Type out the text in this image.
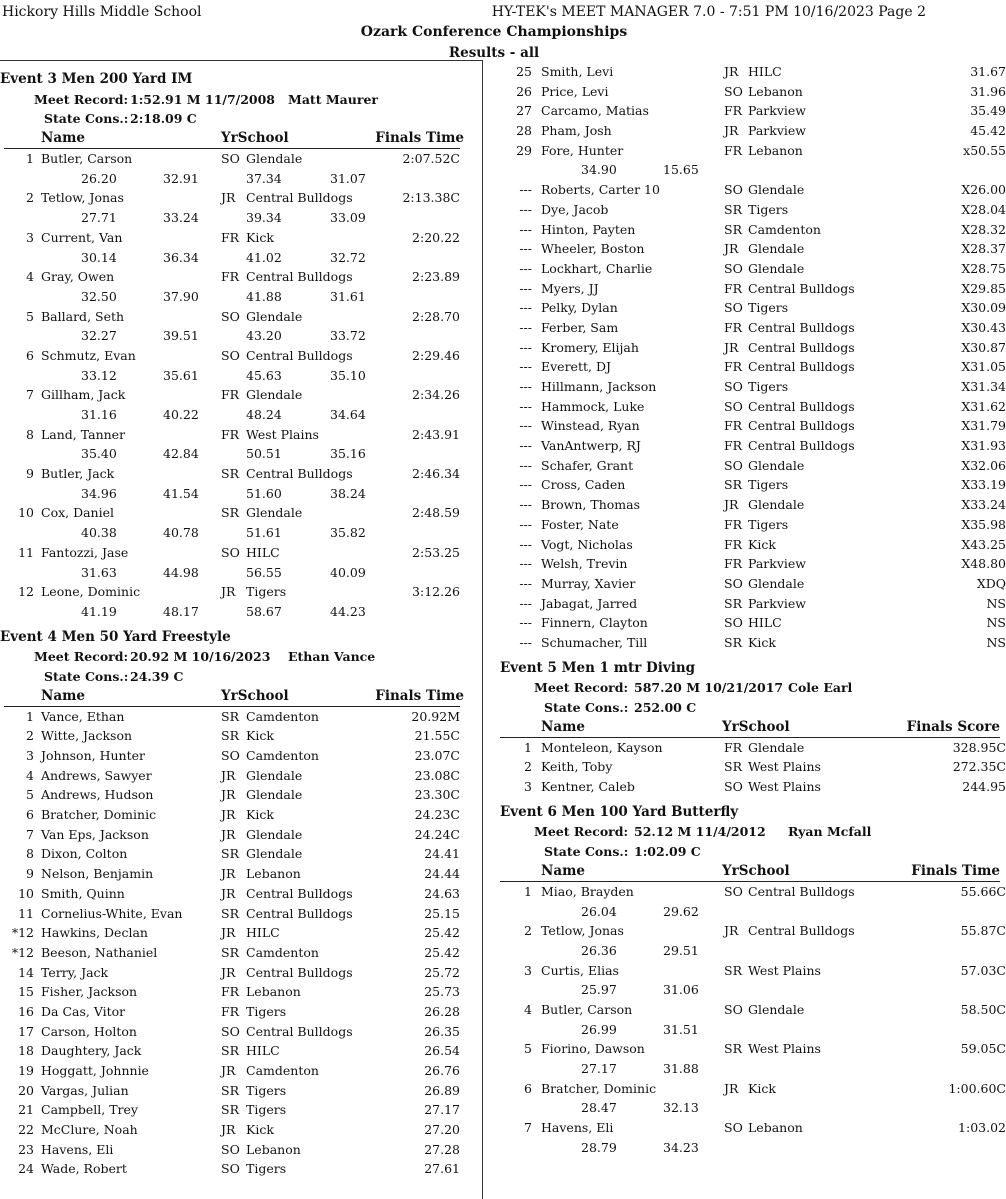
Hickory Hills Middle School	HY-TEK's MEET MANAGER 7.0 - 7:51 PM 10/16/2023 Page 2
Ozark Conference Championships
Results - all
Event 3 Men 200 Yard IM
Meet Record: 1:52.91 M 11/7/2008 Matt Maurer
State Cons.: 2:18.09 C
Name	YrSchool	Finals Time
1 Butler, Carson	SO Glendale	2:07.52C
26.20	32.91	37.34	31.07
2 Tetlow, Jonas	JR Central Bulldogs	2:13.38C
27.71	33.24	39.34	33.09
3 Current, Van	FR Kick	2:20.22
30.14	36.34	41.02	32.72
4 Gray, Owen	FR Central Bulldogs	2:23.89
32.50	37.90	41.88	31.61
5 Ballard, Seth	SO Glendale	2:28.70
32.27	39.51	43.20	33.72
6 Schmutz, Evan	SO Central Bulldogs	2:29.46
33.12	35.61	45.63	35.10
7 Gillham, Jack	FR Glendale	2:34.26
31.16	40.22	48.24	34.64
8 Land, Tanner	FR West Plains	2:43.91
35.40	42.84	50.51	35.16
9 Butler, Jack	SR Central Bulldogs	2:46.34
34.96	41.54	51.60	38.24
10 Cox, Daniel	SR Glendale	2:48.59
40.38	40.78	51.61	35.82
11 Fantozzi, Jase	SO HILC	2:53.25
31.63	44.98	56.55	40.09
12 Leone, Dominic	JR Tigers	3:12.26
41.19	48.17	58.67	44.23
Event 4 Men 50 Yard Freestyle
Meet Record: 20.92 M 10/16/2023 Ethan Vance
State Cons.: 24.39 C
Name	YrSchool	Finals Time
1 Vance, Ethan	SR Camdenton	20.92M
2 Witte, Jackson	SR Kick	21.55C
3 Johnson, Hunter	SO Camdenton	23.07C
4 Andrews, Sawyer	JR Glendale	23.08C
5 Andrews, Hudson	JR Glendale	23.30C
6 Bratcher, Dominic	JR Kick	24.23C
7 Van Eps, Jackson	JR Glendale	24.24C
8 Dixon, Colton	SR Glendale	24.41
9 Nelson, Benjamin	JR Lebanon	24.44
10 Smith, Quinn	JR Central Bulldogs	24.63
11 Cornelius-White, Evan	SR Central Bulldogs	25.15
*12 Hawkins, Declan	JR HILC	25.42
*12 Beeson, Nathaniel	SR Camdenton	25.42
14 Terry, Jack	JR Central Bulldogs	25.72
15 Fisher, Jackson	FR Lebanon	25.73
16 Da Cas, Vitor	FR Tigers	26.28
17 Carson, Holton	SO Central Bulldogs	26.35
18 Daughtery, Jack	SR HILC	26.54
19 Hoggatt, Johnnie	JR Camdenton	26.76
20 Vargas, Julian	SR Tigers	26.89
21 Campbell, Trey	SR Tigers	27.17
22 McClure, Noah	JR Kick	27.20
23 Havens, Eli	SO Lebanon	27.28
24 Wade, Robert	SO Tigers	27.61
25 Smith, Levi	JR HILC	31.67
26 Price, Levi	SO Lebanon	31.96
27 Carcamo, Matias	FR Parkview	35.49
28 Pham, Josh	JR Parkview	45.42
29 Fore, Hunter	FR Lebanon	x50.55
34.90	15.65
--- Roberts, Carter 10	SO Glendale	X26.00
--- Dye, Jacob	SR Tigers	X28.04
--- Hinton, Payten	SR Camdenton	X28.32
--- Wheeler, Boston	JR Glendale	X28.37
--- Lockhart, Charlie	SO Glendale	X28.75
--- Myers, JJ	FR Central Bulldogs	X29.85
--- Pelky, Dylan	SO Tigers	X30.09
--- Ferber, Sam	FR Central Bulldogs	X30.43
--- Kromery, Elijah	JR Central Bulldogs	X30.87
--- Everett, DJ	FR Central Bulldogs	X31.05
--- Hillmann, Jackson	SO Tigers	X31.34
--- Hammock, Luke	SO Central Bulldogs	X31.62
--- Winstead, Ryan	FR Central Bulldogs	X31.79
--- VanAntwerp, RJ	FR Central Bulldogs	X31.93
--- Schafer, Grant	SO Glendale	X32.06
--- Cross, Caden	SR Tigers	X33.19
--- Brown, Thomas	JR Glendale	X33.24
--- Foster, Nate	FR Tigers	X35.98
--- Vogt, Nicholas	FR Kick	X43.25
--- Welsh, Trevin	FR Parkview	X48.80
--- Murray, Xavier	SO Glendale	XDQ
--- Jabagat, Jarred	SR Parkview	NS
--- Finnern, Clayton	SO HILC	NS
--- Schumacher, Till	SR Kick	NS
Event 5 Men 1 mtr Diving
Meet Record: 587.20 M 10/21/2017 Cole Earl
State Cons.: 252.00 C
Name	YrSchool	Finals Score
1 Monteleon, Kayson	FR Glendale	328.95C
2 Keith, Toby	SR West Plains	272.35C
3 Kentner, Caleb	SO West Plains	244.95
Event 6 Men 100 Yard Butterfly
Meet Record: 52.12 M 11/4/2012 Ryan Mcfall
State Cons.: 1:02.09 C
Name	YrSchool	Finals Time
1 Miao, Brayden	SO Central Bulldogs	55.66C
26.04	29.62
2 Tetlow, Jonas	JR Central Bulldogs	55.87C
26.36	29.51
3 Curtis, Elias	SR West Plains	57.03C
25.97	31.06
4 Butler, Carson	SO Glendale	58.50C
26.99	31.51
5 Fiorino, Dawson	SR West Plains	59.05C
27.17	31.88
6 Bratcher, Dominic	JR Kick	1:00.60C
28.47	32.13
7 Havens, Eli	SO Lebanon	1:03.02
28.79	34.23
